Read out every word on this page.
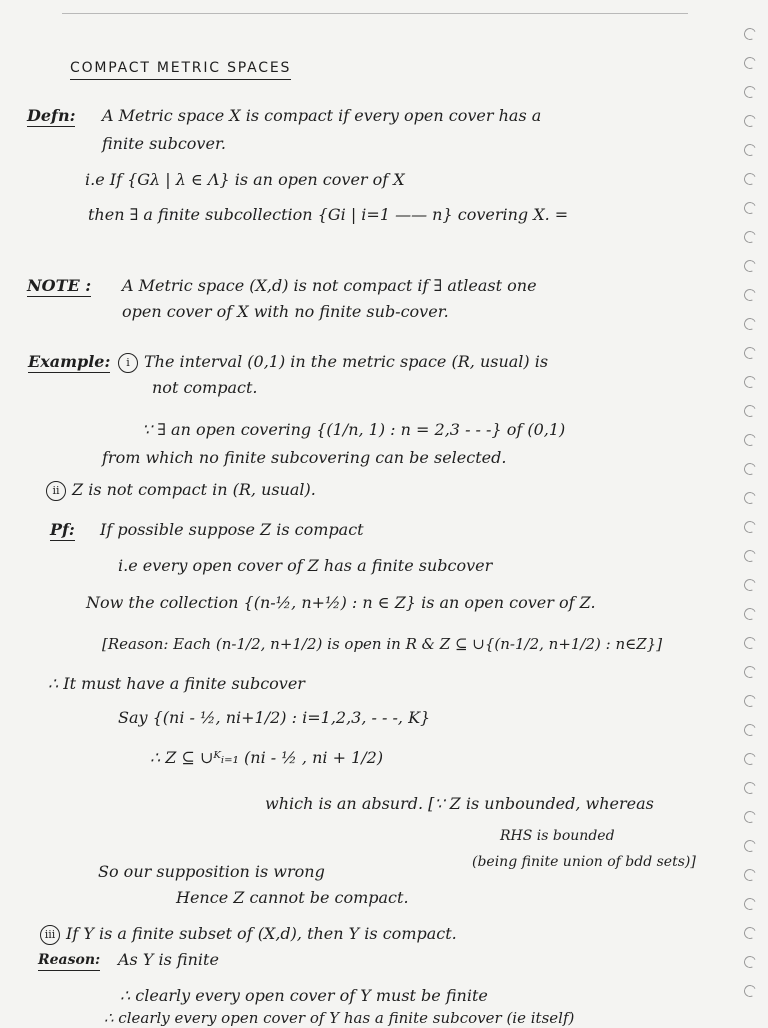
COMPACT METRIC SPACES
Defn: A Metric space X is compact if every open cover has a
finite subcover.
i.e If {Gλ | λ ∈ Λ} is an open cover of X
then ∃ a finite subcollection {Gi | i=1 —— n} covering X. =
NOTE : A Metric space (X,d) is not compact if ∃ atleast one
open cover of X with no finite sub-cover.
Example:	i The interval (0,1) in the metric space (R, usual) is
not compact.
∵ ∃ an open covering {(1/n, 1) : n = 2,3 - - -} of (0,1)
from which no finite subcovering can be selected.
ii Z is not compact in (R, usual).
Pf: If possible suppose Z is compact
i.e every open cover of Z has a finite subcover
Now the collection {(n-½, n+½) : n ∈ Z} is an open cover of Z.
[Reason: Each (n-1/2, n+1/2) is open in R & Z ⊆ ∪{(n-1/2, n+1/2) : n∈Z}]
∴ It must have a finite subcover
Say {(ni - ½, ni+1/2) : i=1,2,3, - - -, K}
∴ Z ⊆ ∪ᴷᵢ₌₁ (ni - ½ , ni + 1/2)
which is an absurd. [∵ Z is unbounded, whereas
RHS is bounded
(being finite union of bdd sets)]
So our supposition is wrong
Hence Z cannot be compact.
iii If Y is a finite subset of (X,d), then Y is compact.
Reason: As Y is finite
∴ clearly every open cover of Y must be finite
∴ clearly every open cover of Y has a finite subcover (ie itself)
